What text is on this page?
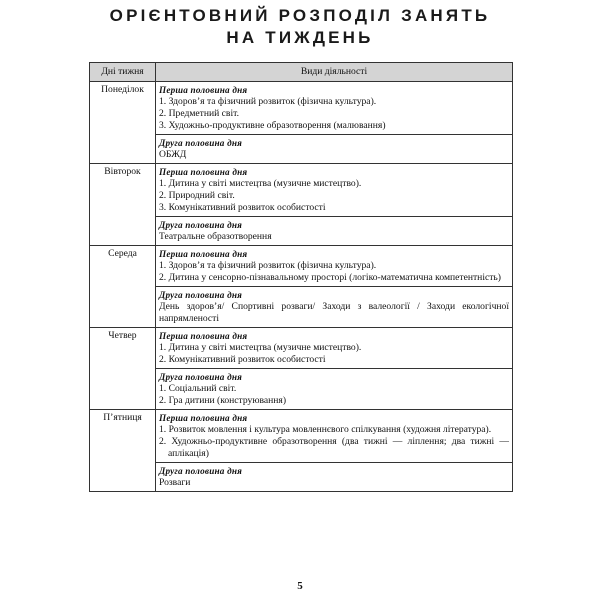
ОРІЄНТОВНИЙ РОЗПОДІЛ ЗАНЯТЬ
НА ТИЖДЕНЬ
Дні тижня	Види діяльності
Понеділок	Перша половина дня
1. Здоров’я та фізичний розвиток (фізична культура).
2. Предметний світ.
3. Художньо-продуктивне образотворення (малювання)

	Друга половина дня
ОБЖД

Вівторок	Перша половина дня
1. Дитина у світі мистецтва (музичне мистецтво).
2. Природний світ.
3. Комунікативний розвиток особистості

	Друга половина дня
Театральне образотворення

Середа	Перша половина дня
1. Здоров’я та фізичний розвиток (фізична культура).
2. Дитина у сенсорно-пізнавальному просторі (логіко-математична компетентність)

	Друга половина дня
День здоров’я/ Спортивні розваги/ Заходи з валеології / Заходи екологічної напрямленості

Четвер	Перша половина дня
1. Дитина у світі мистецтва (музичне мистецтво).
2. Комунікативний розвиток особистості

	Друга половина дня
1. Соціальний світ.
2. Гра дитини (конструювання)

П’ятниця	Перша половина дня
1. Розвиток мовлення і культура мовленнєвого спілкування (художня література).
2. Художньо-продуктивне образотворення (два тижні — ліплення; два тижні — аплікація)

	Друга половина дня
Розваги
5
